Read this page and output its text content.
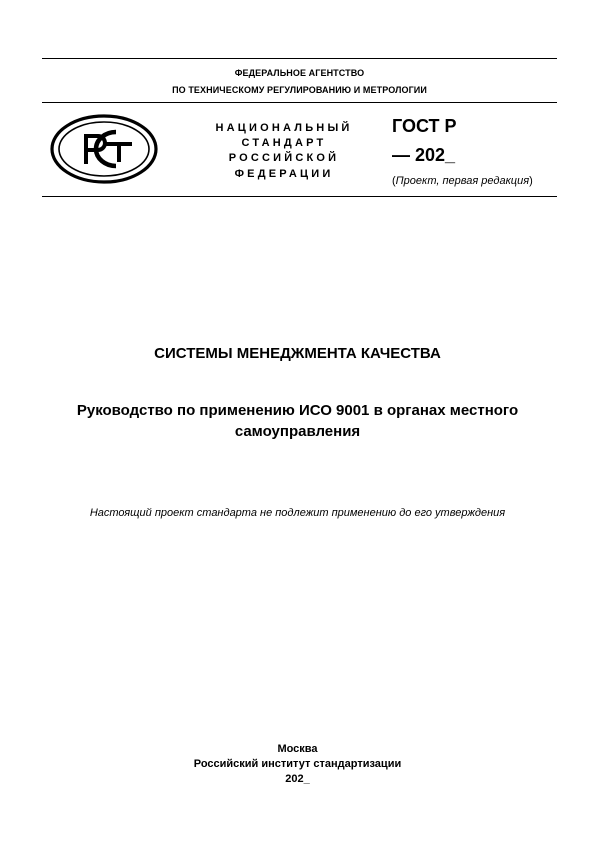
ФЕДЕРАЛЬНОЕ АГЕНТСТВО
ПО ТЕХНИЧЕСКОМУ РЕГУЛИРОВАНИЮ И МЕТРОЛОГИИ
НАЦИОНАЛЬНЫЙ
СТАНДАРТ
РОССИЙСКОЙ
ФЕДЕРАЦИИ
ГОСТ Р
— 202_
(Проект, первая редакция)
СИСТЕМЫ МЕНЕДЖМЕНТА КАЧЕСТВА
Руководство по применению ИСО 9001 в органах местного
самоуправления
Настоящий проект стандарта не подлежит применению до его утверждения
Москва
Российский институт стандартизации
202_
